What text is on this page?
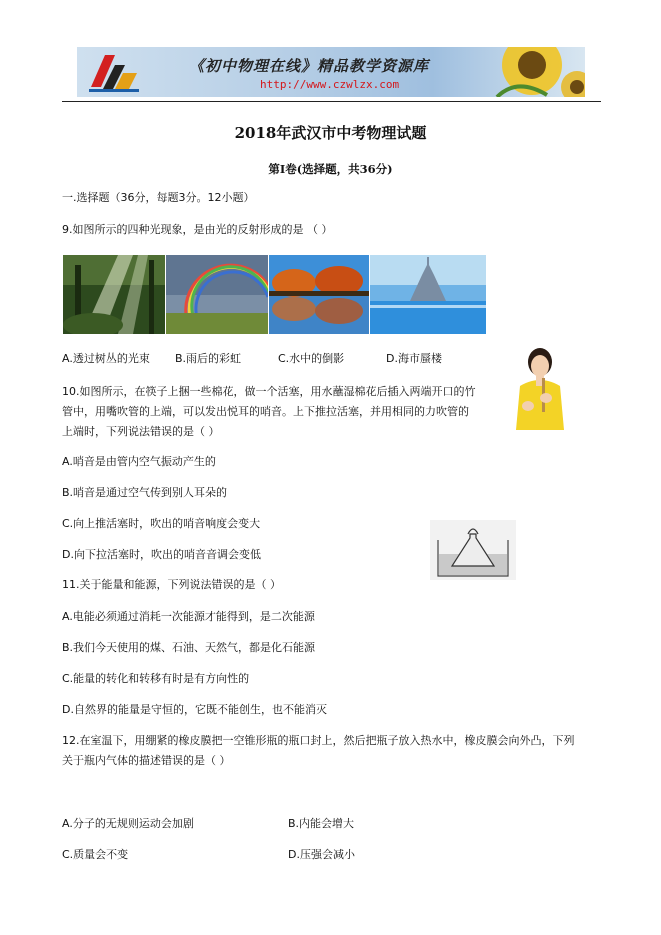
《初中物理在线》精品教学资源库
http://www.czwlzx.com
2018年武汉市中考物理试题
第Ⅰ卷(选择题，共36分)
一.选择题（36分，每题3分。12小题）
9.如图所示的四种光现象，是由光的反射形成的是 （ ）
A.透过树丛的光束 B.雨后的彩虹	C.水中的倒影	D.海市蜃楼
10.如图所示，在筷子上捆一些棉花，做一个活塞，用水蘸湿棉花后插入两端开口的竹
管中，用嘴吹管的上端，可以发出悦耳的哨音。上下推拉活塞，并用相同的力吹管的
上端时，下列说法错误的是（ ）
A.哨音是由管内空气振动产生的
B.哨音是通过空气传到别人耳朵的
C.向上推活塞时，吹出的哨音响度会变大
D.向下拉活塞时，吹出的哨音音调会变低
11.关于能量和能源，下列说法错误的是（ ）
A.电能必须通过消耗一次能源才能得到，是二次能源
B.我们今天使用的煤、石油、天然气，都是化石能源
C.能量的转化和转移有时是有方向性的
D.自然界的能量是守恒的，它既不能创生，也不能消灭
12.在室温下，用绷紧的橡皮膜把一空锥形瓶的瓶口封上，然后把瓶子放入热水中，橡皮膜会向外凸，下列
关于瓶内气体的描述错误的是（ ）
A.分子的无规则运动会加剧	B.内能会增大
C.质量会不变	D.压强会减小
